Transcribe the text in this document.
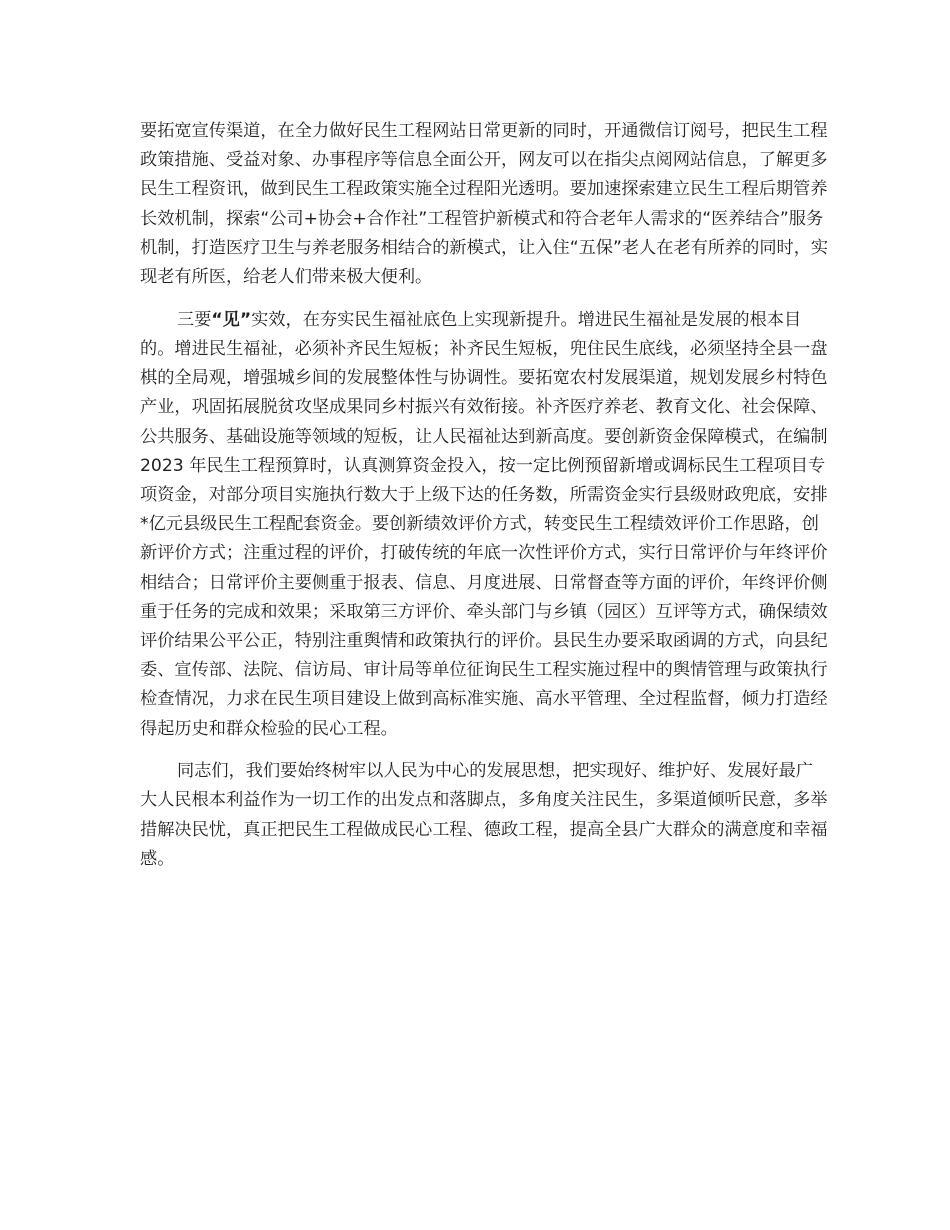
要拓宽宣传渠道，在全力做好民生工程网站日常更新的同时，开通微信订阅号，把民生工程政策措施、受益对象、办事程序等信息全面公开，网友可以在指尖点阅网站信息，了解更多民生工程资讯，做到民生工程政策实施全过程阳光透明。要加速探索建立民生工程后期管养长效机制，探索“公司+协会+合作社”工程管护新模式和符合老年人需求的“医养结合”服务机制，打造医疗卫生与养老服务相结合的新模式，让入住“五保”老人在老有所养的同时，实现老有所医，给老人们带来极大便利。

三要“见”实效，在夯实民生福祉底色上实现新提升。增进民生福祉是发展的根本目的。增进民生福祉，必须补齐民生短板；补齐民生短板，兜住民生底线，必须坚持全县一盘棋的全局观，增强城乡间的发展整体性与协调性。要拓宽农村发展渠道，规划发展乡村特色产业，巩固拓展脱贫攻坚成果同乡村振兴有效衔接。补齐医疗养老、教育文化、社会保障、公共服务、基础设施等领域的短板，让人民福祉达到新高度。要创新资金保障模式，在编制 2023 年民生工程预算时，认真测算资金投入，按一定比例预留新增或调标民生工程项目专项资金，对部分项目实施执行数大于上级下达的任务数，所需资金实行县级财政兜底，安排*亿元县级民生工程配套资金。要创新绩效评价方式，转变民生工程绩效评价工作思路，创新评价方式；注重过程的评价，打破传统的年底一次性评价方式，实行日常评价与年终评价相结合；日常评价主要侧重于报表、信息、月度进展、日常督查等方面的评价，年终评价侧重于任务的完成和效果；采取第三方评价、牵头部门与乡镇（园区）互评等方式，确保绩效评价结果公平公正，特别注重舆情和政策执行的评价。县民生办要采取函调的方式，向县纪委、宣传部、法院、信访局、审计局等单位征询民生工程实施过程中的舆情管理与政策执行检查情况，力求在民生项目建设上做到高标准实施、高水平管理、全过程监督，倾力打造经得起历史和群众检验的民心工程。

同志们，我们要始终树牢以人民为中心的发展思想，把实现好、维护好、发展好最广大人民根本利益作为一切工作的出发点和落脚点，多角度关注民生，多渠道倾听民意，多举措解决民忧，真正把民生工程做成民心工程、德政工程，提高全县广大群众的满意度和幸福感。
